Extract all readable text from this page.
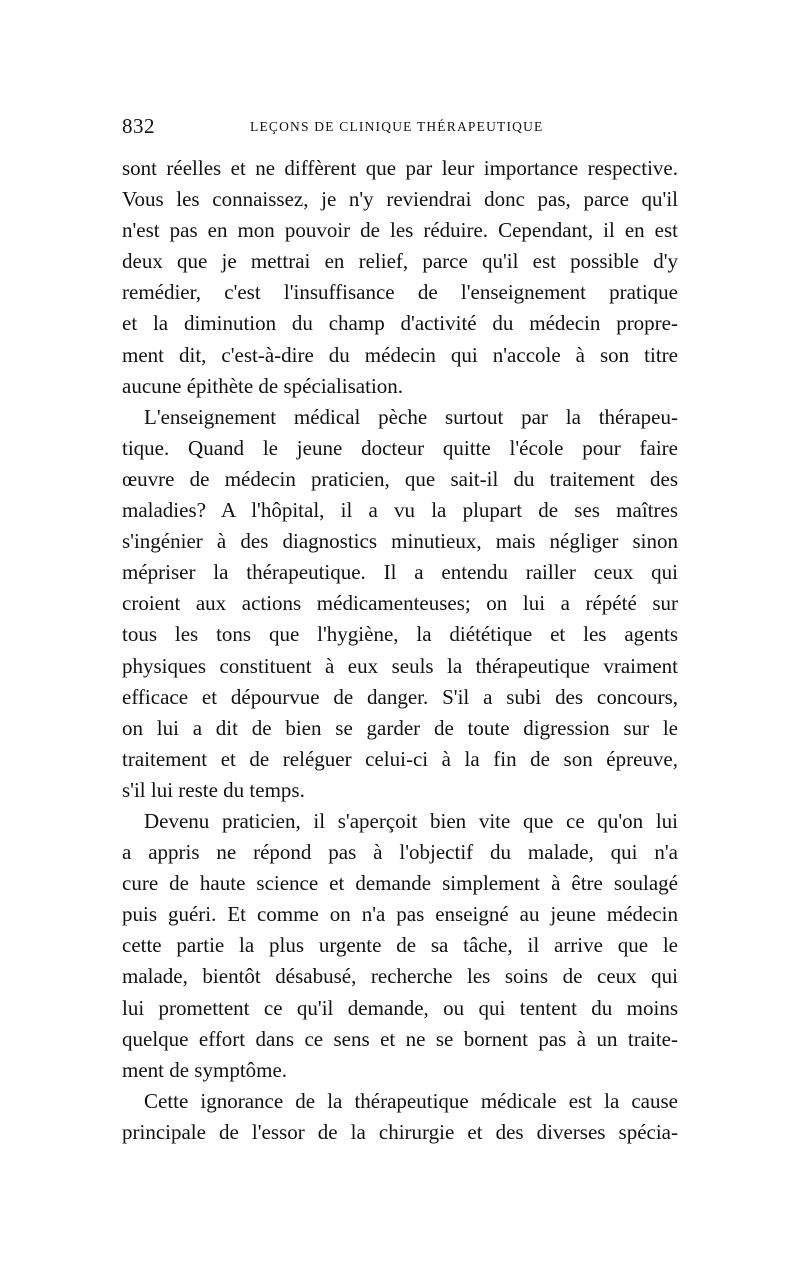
832	LEÇONS DE CLINIQUE THÉRAPEUTIQUE
sont réelles et ne diffèrent que par leur importance respective.
Vous les connaissez, je n'y reviendrai donc pas, parce qu'il
n'est pas en mon pouvoir de les réduire. Cependant, il en est
deux que je mettrai en relief, parce qu'il est possible d'y
remédier, c'est l'insuffisance de l'enseignement pratique
et la diminution du champ d'activité du médecin propre-
ment dit, c'est-à-dire du médecin qui n'accole à son titre
aucune épithète de spécialisation.
L'enseignement médical pèche surtout par la thérapeu-
tique. Quand le jeune docteur quitte l'école pour faire
œuvre de médecin praticien, que sait-il du traitement des
maladies? A l'hôpital, il a vu la plupart de ses maîtres
s'ingénier à des diagnostics minutieux, mais négliger sinon
mépriser la thérapeutique. Il a entendu railler ceux qui
croient aux actions médicamenteuses; on lui a répété sur
tous les tons que l'hygiène, la diététique et les agents
physiques constituent à eux seuls la thérapeutique vraiment
efficace et dépourvue de danger. S'il a subi des concours,
on lui a dit de bien se garder de toute digression sur le
traitement et de reléguer celui-ci à la fin de son épreuve,
s'il lui reste du temps.
Devenu praticien, il s'aperçoit bien vite que ce qu'on lui
a appris ne répond pas à l'objectif du malade, qui n'a
cure de haute science et demande simplement à être soulagé
puis guéri. Et comme on n'a pas enseigné au jeune médecin
cette partie la plus urgente de sa tâche, il arrive que le
malade, bientôt désabusé, recherche les soins de ceux qui
lui promettent ce qu'il demande, ou qui tentent du moins
quelque effort dans ce sens et ne se bornent pas à un traite-
ment de symptôme.
Cette ignorance de la thérapeutique médicale est la cause
principale de l'essor de la chirurgie et des diverses spécia-
